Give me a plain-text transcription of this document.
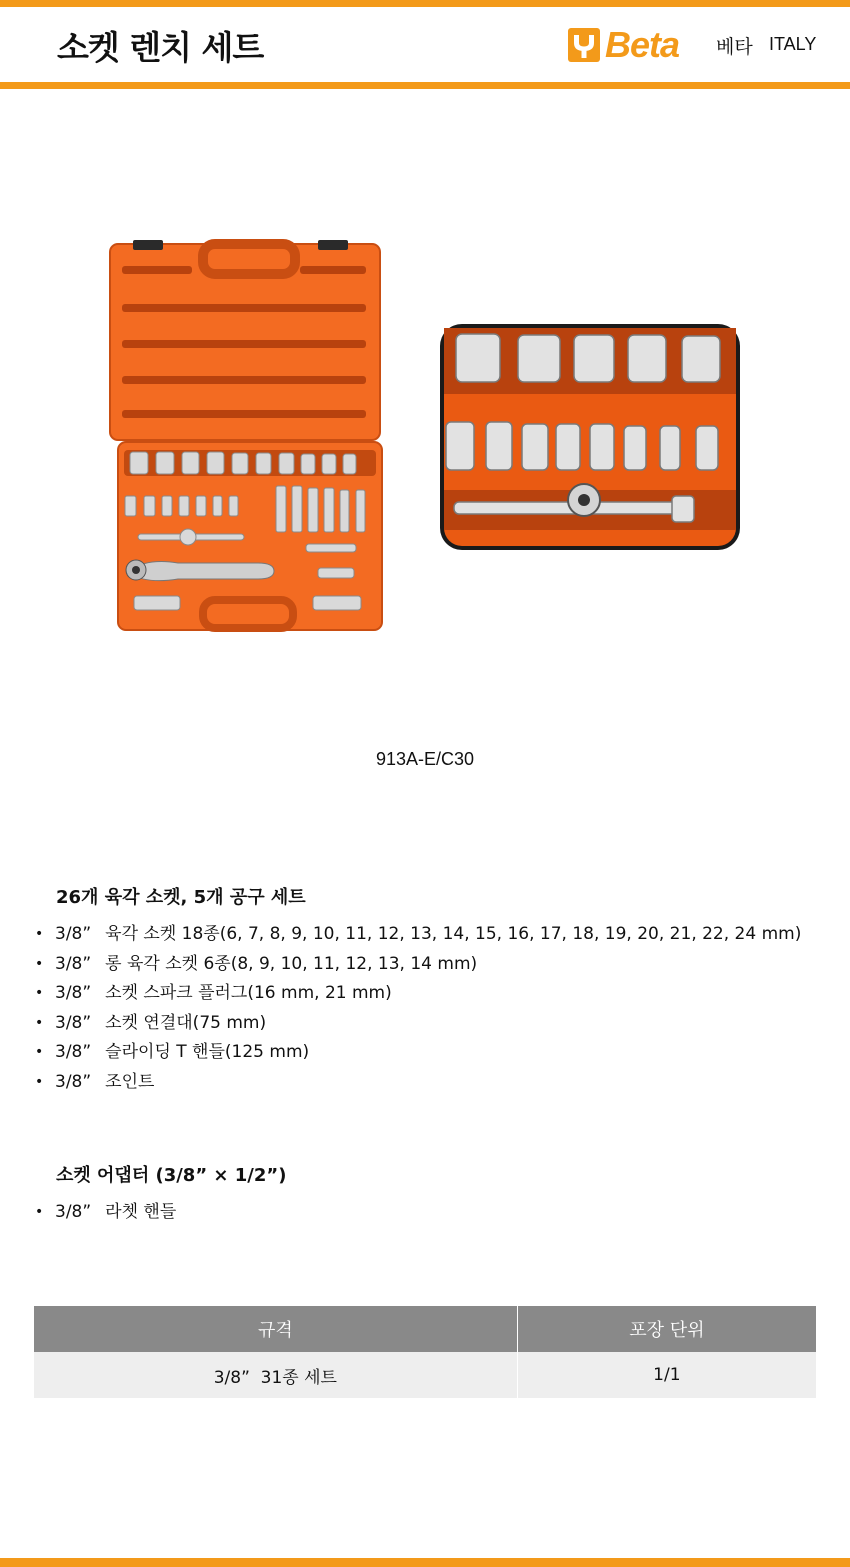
소켓 렌치 세트	Beta 베타 ITALY
913A-E/C30
26개 육각 소켓, 5개 공구 세트
• 3/8” 육각 소켓 18종(6, 7, 8, 9, 10, 11, 12, 13, 14, 15, 16, 17, 18, 19, 20, 21, 22, 24 mm)
• 3/8” 롱 육각 소켓 6종(8, 9, 10, 11, 12, 13, 14 mm)
• 3/8” 소켓 스파크 플러그(16 mm, 21 mm)
• 3/8” 소켓 연결대(75 mm)
• 3/8” 슬라이딩 T 핸들(125 mm)
• 3/8” 조인트
소켓 어댑터 (3/8” × 1/2”)
• 3/8” 라쳇 핸들
규격	포장 단위
3/8”  31종 세트	1/1
